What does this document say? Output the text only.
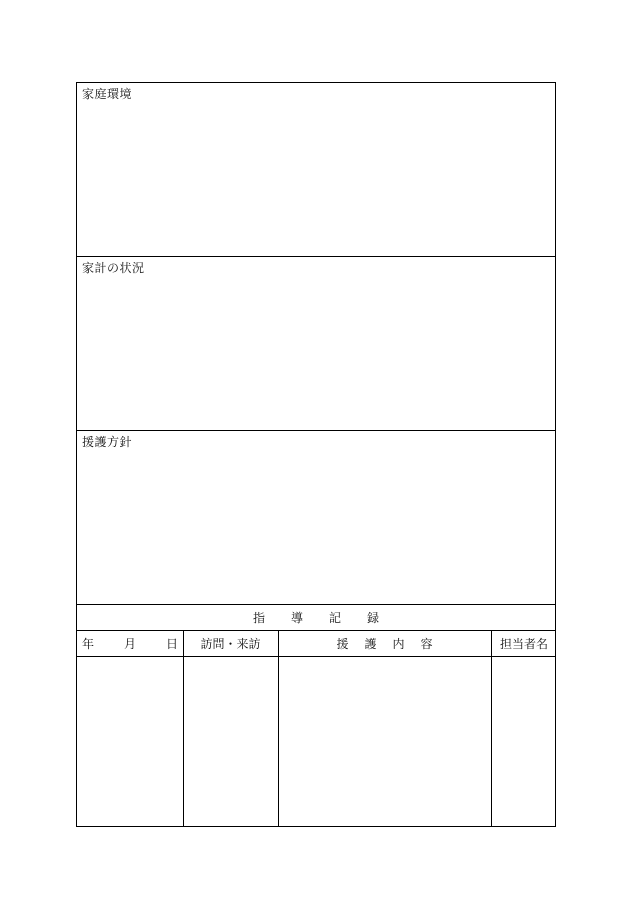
家庭環境
家計の状況
援護方針
指 導 記 録
年 月 日 訪問・来訪	援 護 内 容	担当者名
